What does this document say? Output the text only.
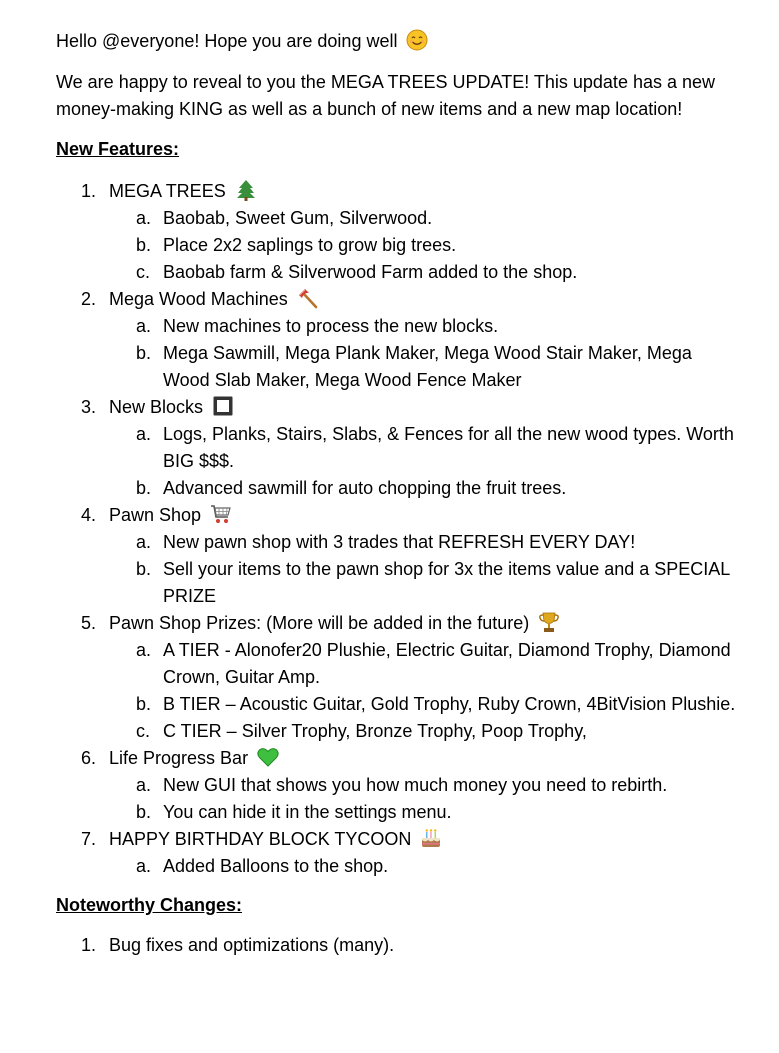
Hello @everyone! Hope you are doing well

We are happy to reveal to you the MEGA TREES UPDATE! This update has a new money-making KING as well as a bunch of new items and a new map location!

New Features:

1. MEGA TREES
a. Baobab, Sweet Gum, Silverwood.
b. Place 2x2 saplings to grow big trees.
c. Baobab farm & Silverwood Farm added to the shop.
2. Mega Wood Machines
a. New machines to process the new blocks.
b. Mega Sawmill, Mega Plank Maker, Mega Wood Stair Maker, Mega Wood Slab Maker, Mega Wood Fence Maker
3. New Blocks
a. Logs, Planks, Stairs, Slabs, & Fences for all the new wood types. Worth BIG $$$.
b. Advanced sawmill for auto chopping the fruit trees.
4. Pawn Shop
a. New pawn shop with 3 trades that REFRESH EVERY DAY!
b. Sell your items to the pawn shop for 3x the items value and a SPECIAL PRIZE
5. Pawn Shop Prizes: (More will be added in the future)
a. A TIER - Alonofer20 Plushie, Electric Guitar, Diamond Trophy, Diamond Crown, Guitar Amp.
b. B TIER – Acoustic Guitar, Gold Trophy, Ruby Crown, 4BitVision Plushie.
c. C TIER – Silver Trophy, Bronze Trophy, Poop Trophy,
6. Life Progress Bar
a. New GUI that shows you how much money you need to rebirth.
b. You can hide it in the settings menu.
7. HAPPY BIRTHDAY BLOCK TYCOON
a. Added Balloons to the shop.

Noteworthy Changes:

1. Bug fixes and optimizations (many).
